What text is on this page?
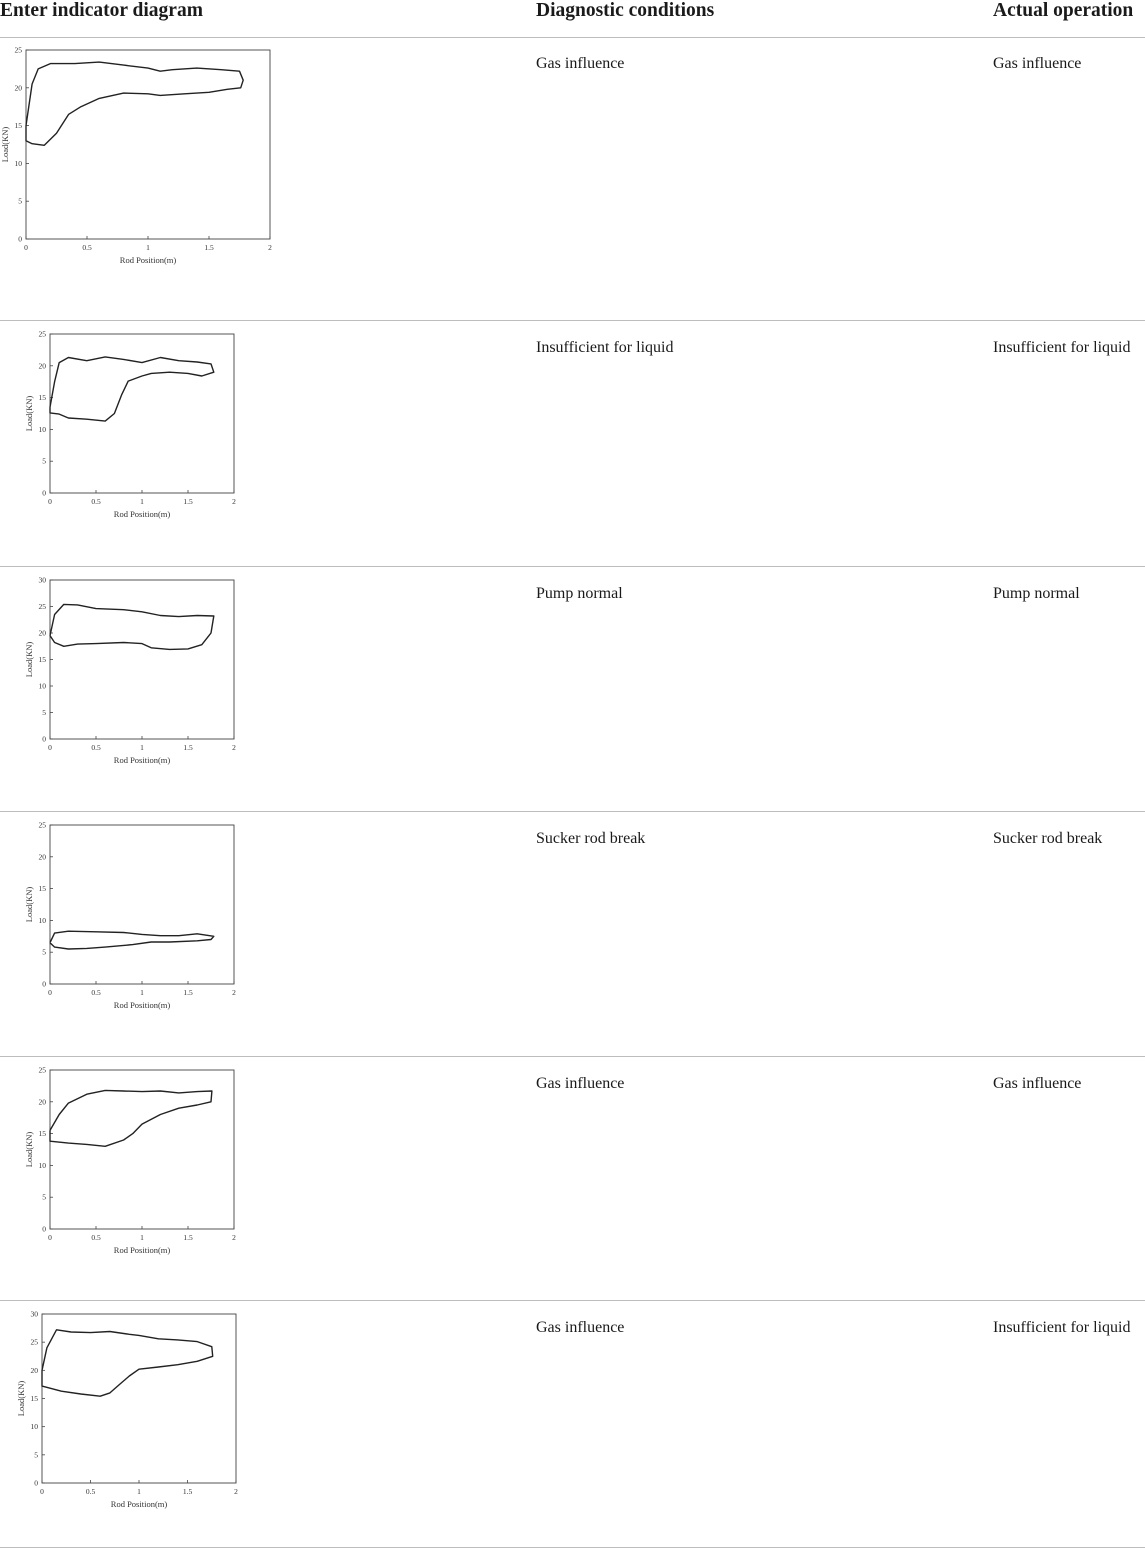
Enter indicator diagram	Diagnostic conditions	Actual operation
0	0.5	1	1.5	2
0
5
10
15
20
25
Rod Position(m)
Load(KN)
Gas influence	Gas influence
0	0.5	1	1.5	2
0
5
10
15
20
25
Rod Position(m)
Load(KN)
Insufficient for liquid	Insufficient for liquid
0	0.5	1	1.5	2
0
5
10
15
20
25
30
Rod Position(m)
Load(KN)
Pump normal	Pump normal
0	0.5	1	1.5	2
0
5
10
15
20
25
Rod Position(m)
Load(KN)
Sucker rod break	Sucker rod break
0	0.5	1	1.5	2
0
5
10
15
20
25
Rod Position(m)
Load(KN)
Gas influence	Gas influence
0	0.5	1	1.5	2
0
5
10
15
20
25
30
Rod Position(m)
Load(KN)
Gas influence	Insufficient for liquid
